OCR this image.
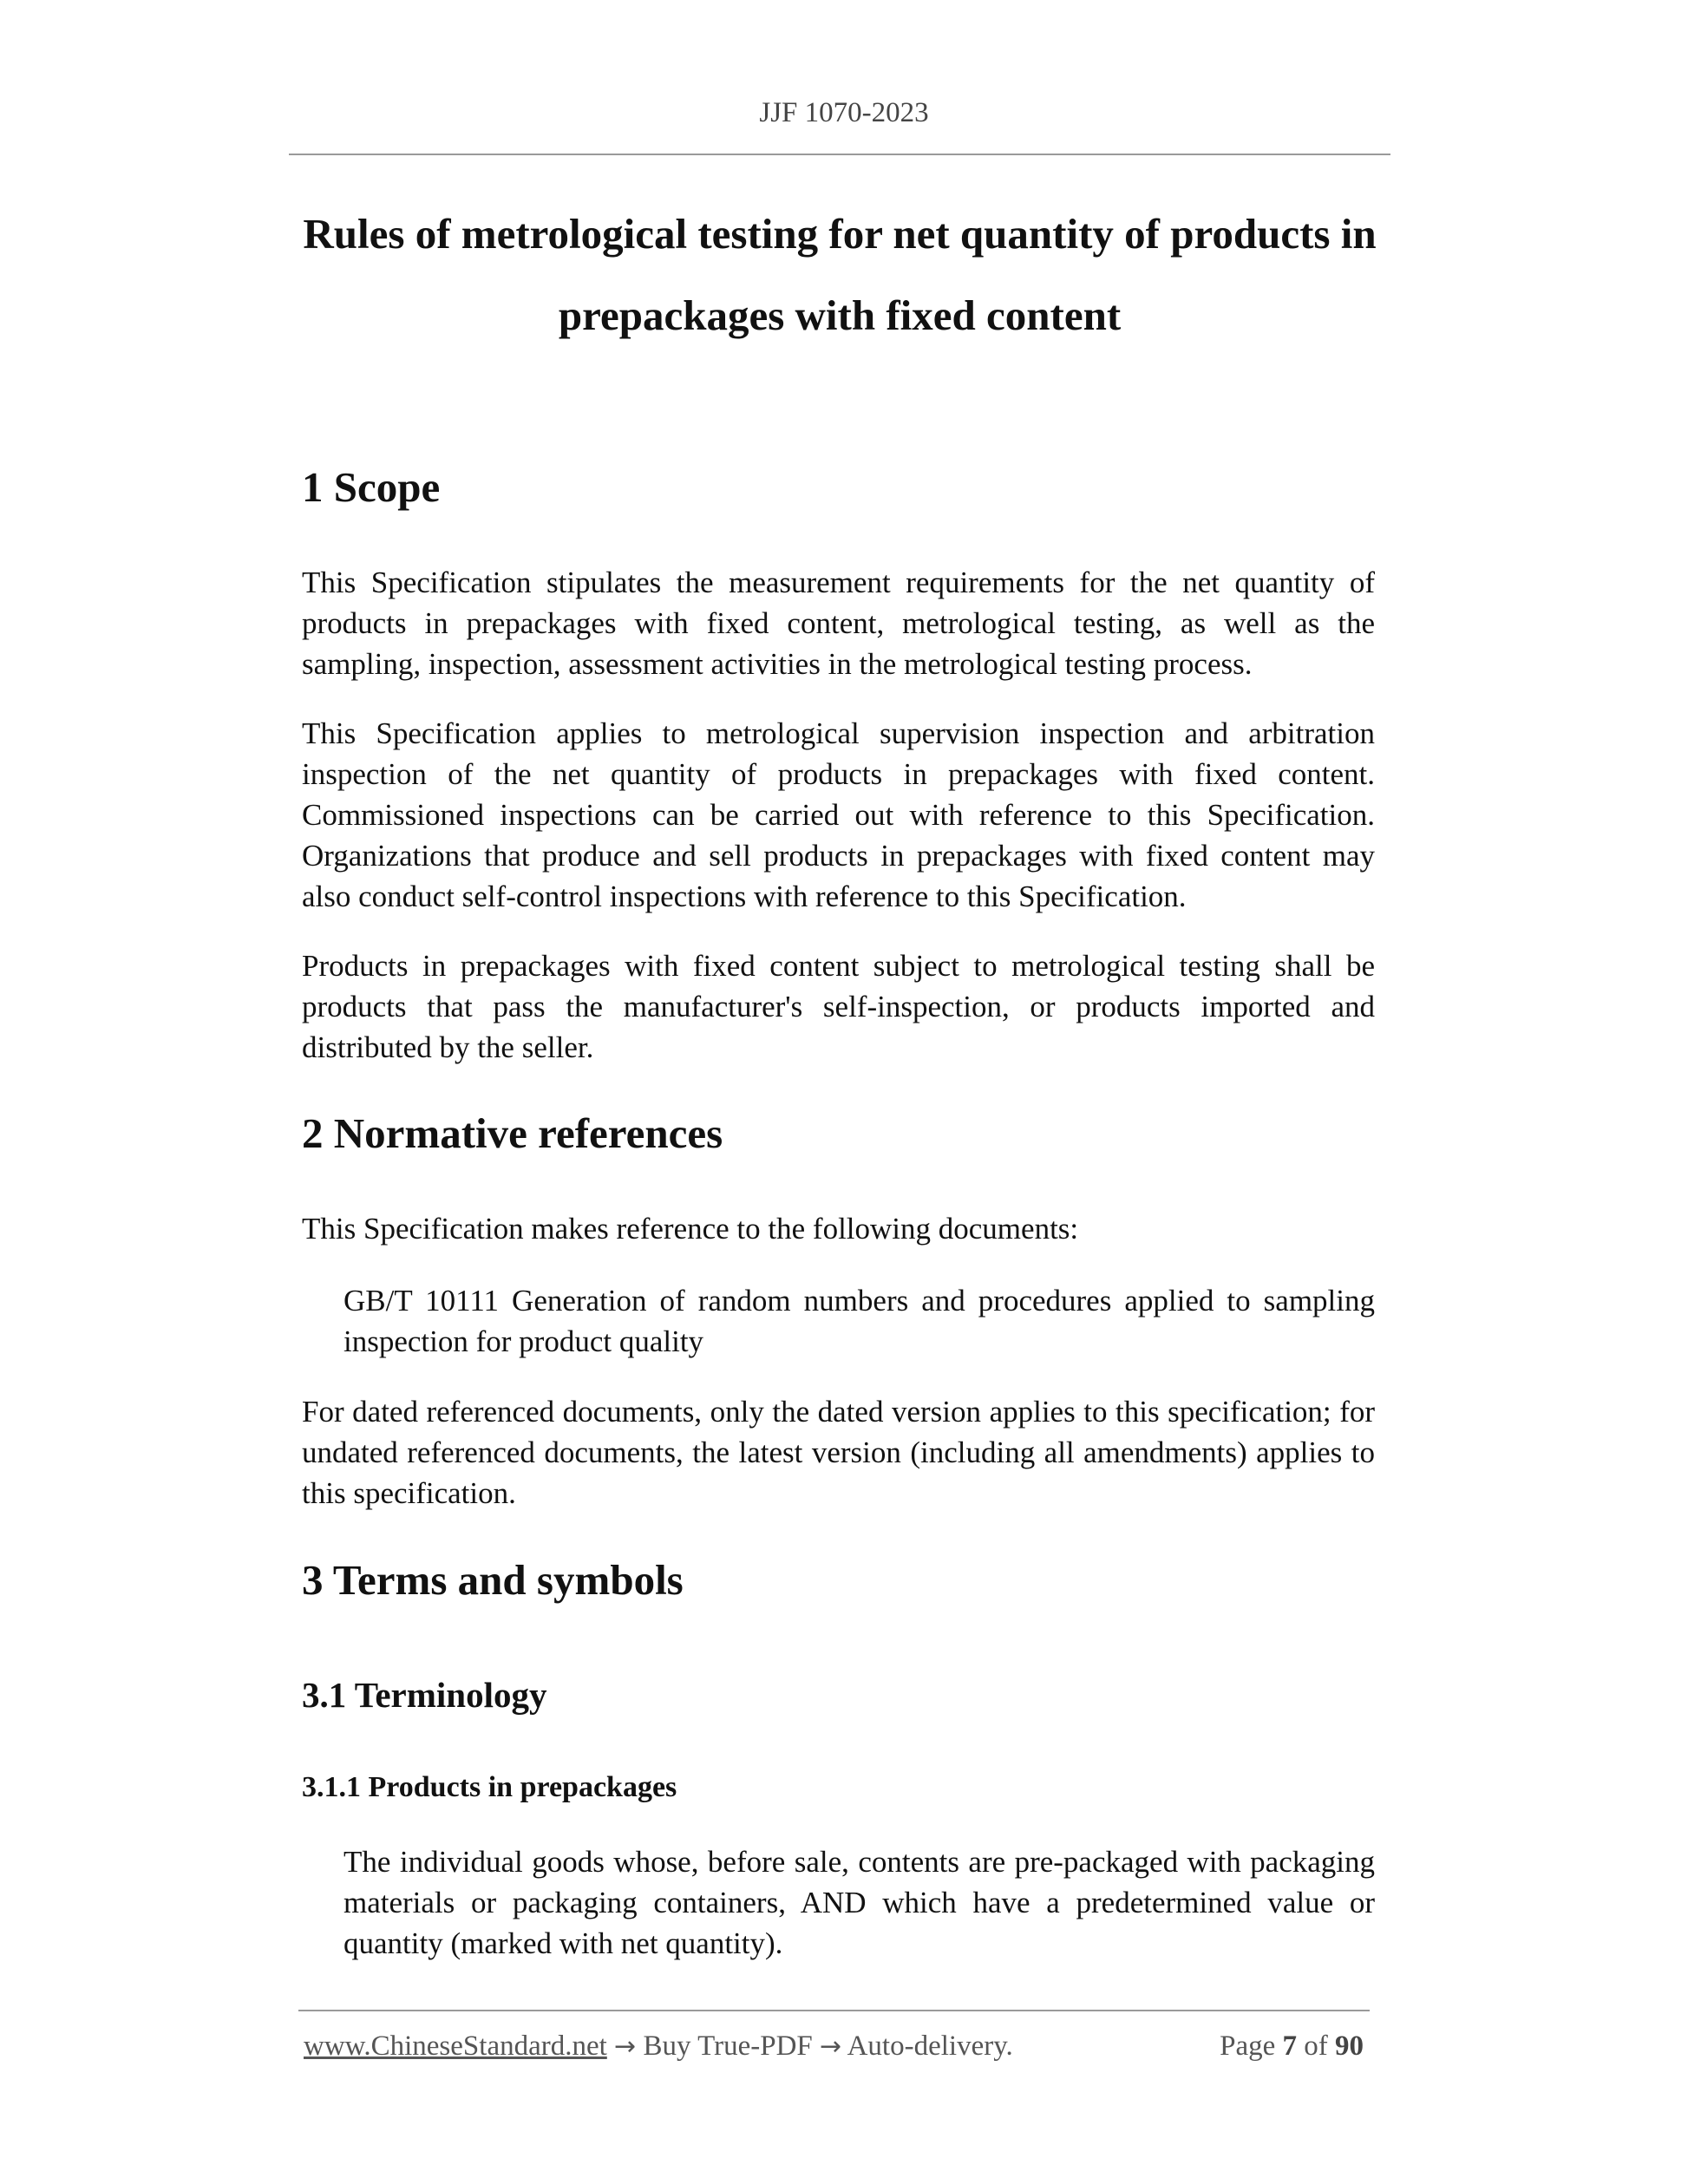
JJF 1070-2023
Rules of metrological testing for net quantity of products in
prepackages with fixed content
1 Scope

This Specification stipulates the measurement requirements for the net quantity of products in prepackages with fixed content, metrological testing, as well as the sampling, inspection, assessment activities in the metrological testing process.

This Specification applies to metrological supervision inspection and arbitration inspection of the net quantity of products in prepackages with fixed content. Commissioned inspections can be carried out with reference to this Specification. Organizations that produce and sell products in prepackages with fixed content may also conduct self-control inspections with reference to this Specification.

Products in prepackages with fixed content subject to metrological testing shall be products that pass the manufacturer's self-inspection, or products imported and distributed by the seller.

2 Normative references

This Specification makes reference to the following documents:

GB/T 10111 Generation of random numbers and procedures applied to sampling inspection for product quality

For dated referenced documents, only the dated version applies to this specification; for undated referenced documents, the latest version (including all amendments) applies to this specification.

3 Terms and symbols
3.1 Terminology
3.1.1 Products in prepackages

The individual goods whose, before sale, contents are pre-packaged with packaging materials or packaging containers, AND which have a predetermined value or quantity (marked with net quantity).

www.ChineseStandard.net → Buy True-PDF → Auto-delivery.	Page 7 of 90
